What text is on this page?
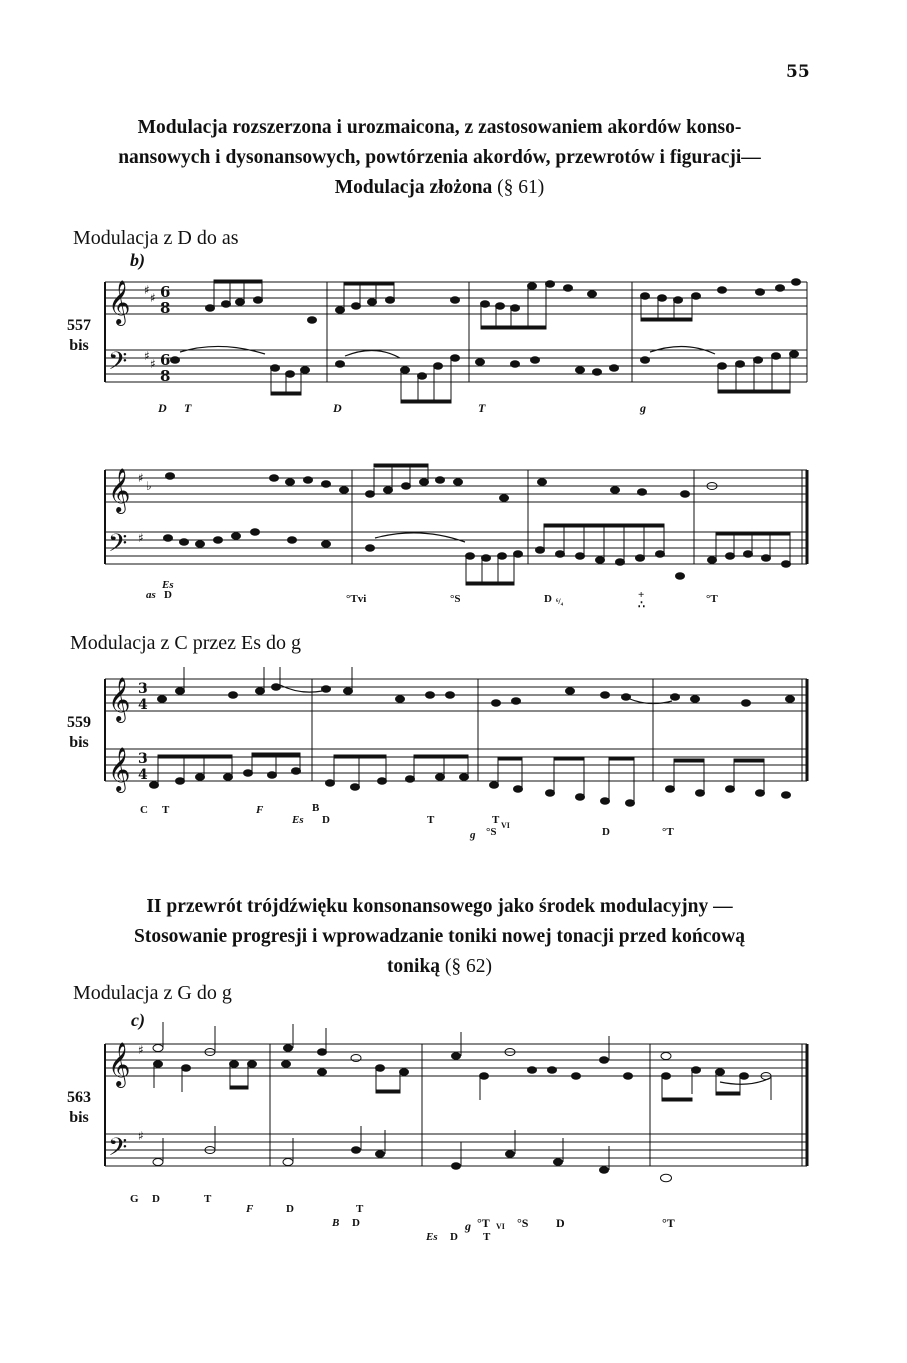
55
Modulacja rozszerzona i urozmaicona, z zastosowaniem akordów konso-
nansowych i dysonansowych, powtórzenia akordów, przewrotów i figuracji—
Modulacja złożona (§ 61)
Modulacja z D do as
b)
557
bis
𝄞
𝄢
♯
♯
♯
♯
6
8
6
8
D T	D	T	g
𝄞
𝄢
♯
♭
♯
Es
as D	°Tvi	°S	D ⁶/₄
+
∴	°T
Modulacja z C przez Es do g
559
bis
𝄞
𝄞
3
4
3
4
C T	F	B
Es D	T	T VI
g °S	D	°T
II przewrót trójdźwięku konsonansowego jako środek modulacyjny —
Stosowanie progresji i wprowadzanie toniki nowej tonacji przed końcową
toniką (§ 62)
Modulacja z G do g
c)
563
bis
𝄞
𝄢
♯
♯
G D	T
F	D	T
B D
Es D T
g °T VI °S D	°T
